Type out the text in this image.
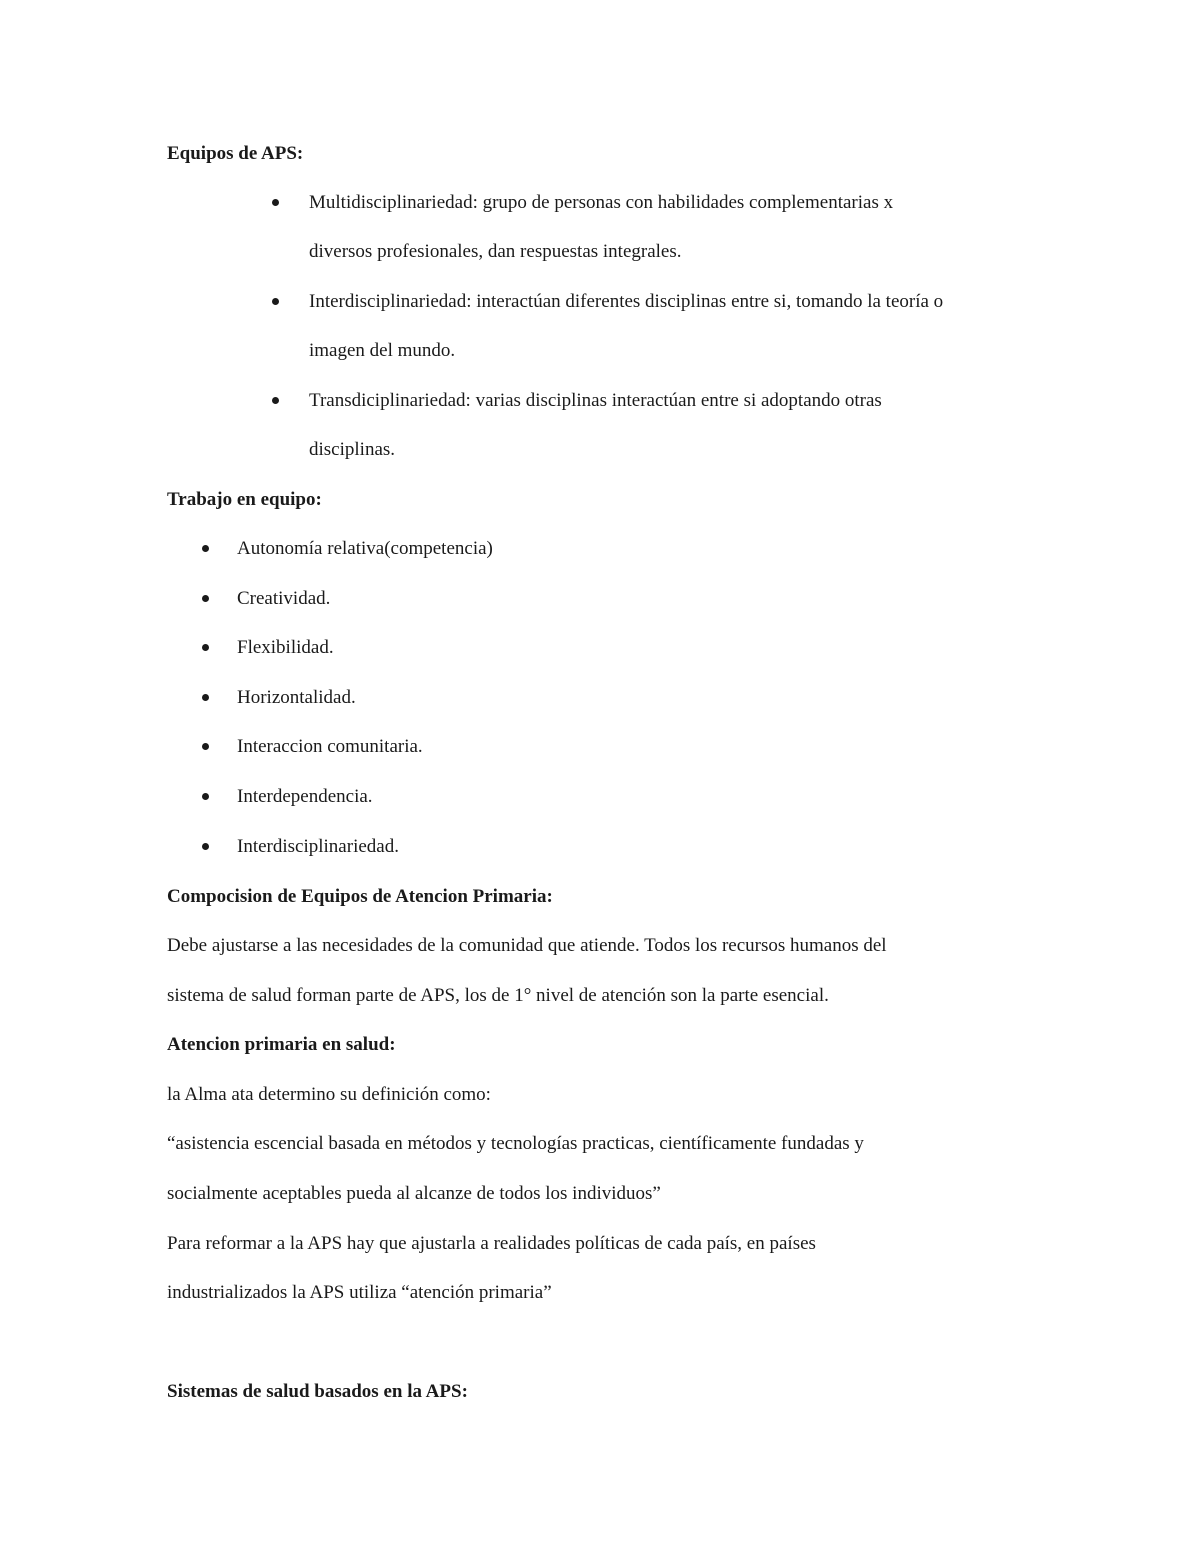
Equipos de APS:
Multidisciplinariedad: grupo de personas con habilidades complementarias x
diversos profesionales, dan respuestas integrales.
Interdisciplinariedad: interactúan diferentes disciplinas entre si, tomando la teoría o
imagen del mundo.
Transdiciplinariedad: varias disciplinas interactúan entre si adoptando otras
disciplinas.
Trabajo en equipo:
Autonomía relativa(competencia)
Creatividad.
Flexibilidad.
Horizontalidad.
Interaccion comunitaria.
Interdependencia.
Interdisciplinariedad.
Compocision de Equipos de Atencion Primaria:
Debe ajustarse a las necesidades de la comunidad que atiende. Todos los recursos humanos del
sistema de salud forman parte de APS, los de 1° nivel de atención son la parte esencial.
Atencion primaria en salud:
la Alma ata determino su definición como:
“asistencia escencial basada en métodos y tecnologías practicas, científicamente fundadas y
socialmente aceptables pueda al alcanze de todos los individuos”
Para reformar a la APS hay que ajustarla a realidades políticas de cada país, en países
industrializados la APS utiliza “atención primaria”
Sistemas de salud basados en la APS:
